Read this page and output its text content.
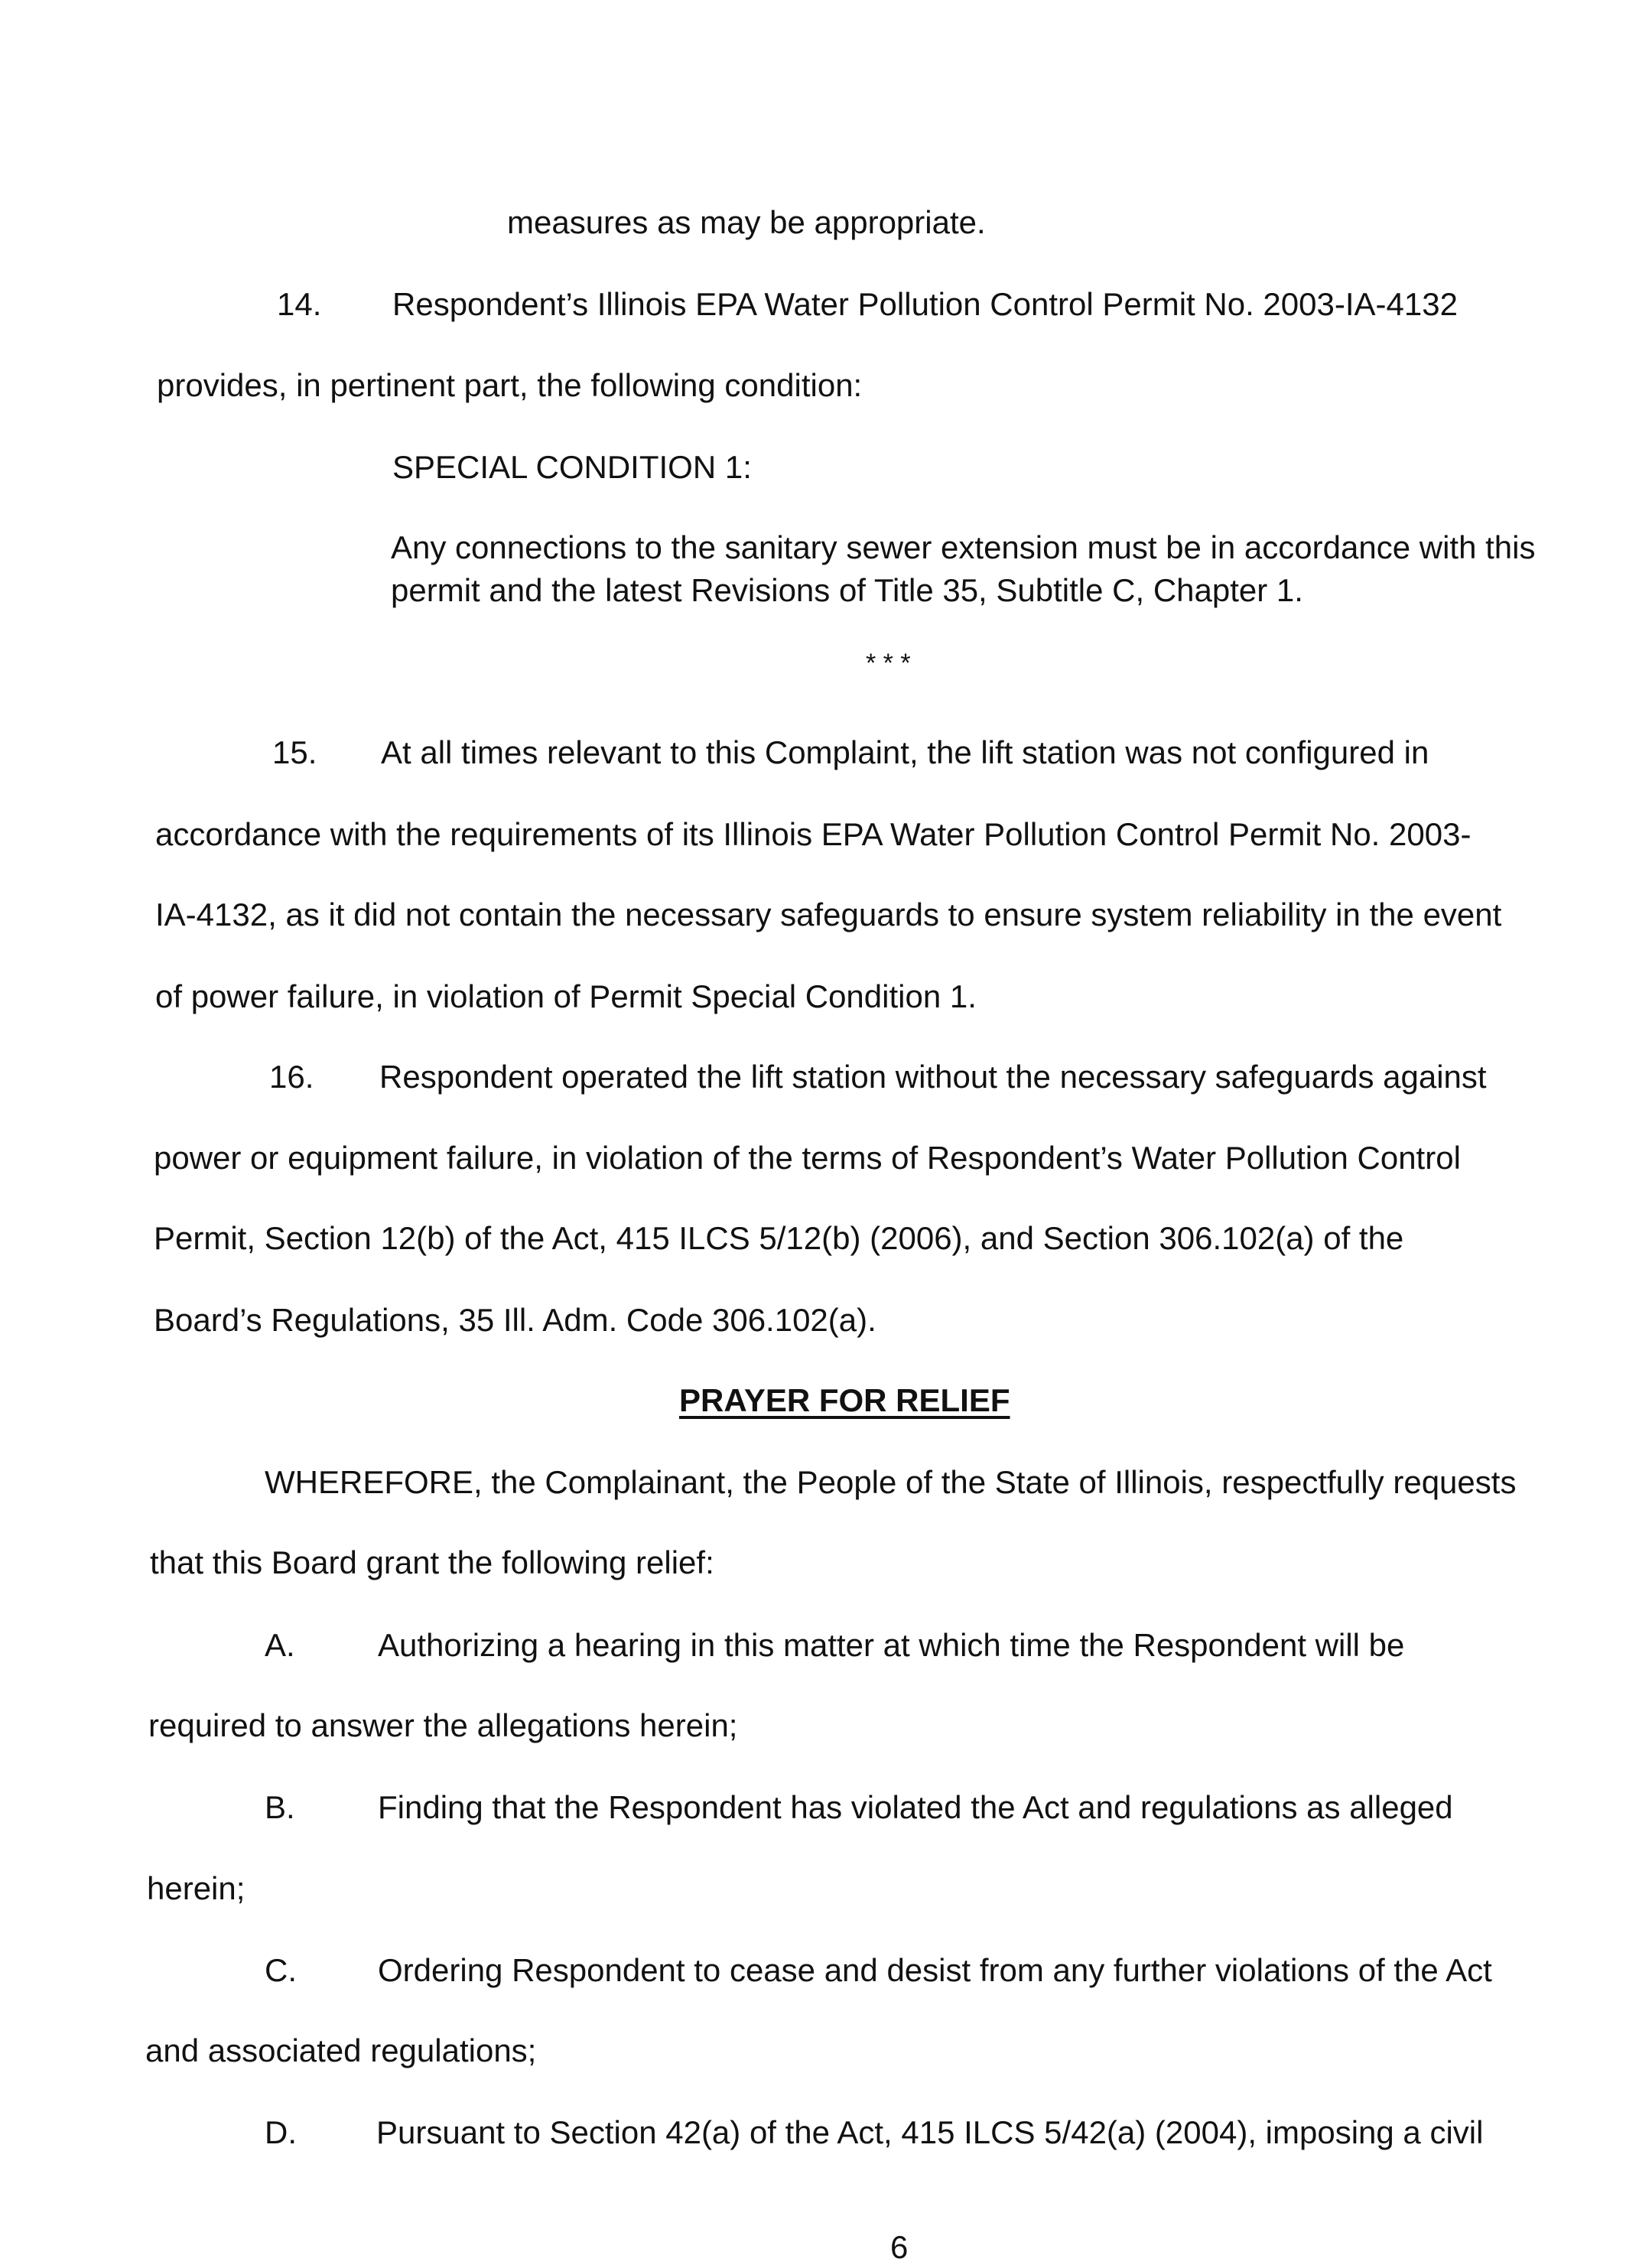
measures as may be appropriate.
14. Respondent’s Illinois EPA Water Pollution Control Permit No. 2003-IA-4132
provides, in pertinent part, the following condition:
SPECIAL CONDITION 1:
Any connections to the sanitary sewer extension must be in accordance with this
permit and the latest Revisions of Title 35, Subtitle C, Chapter 1.
* * *
15. At all times relevant to this Complaint, the lift station was not configured in
accordance with the requirements of its Illinois EPA Water Pollution Control Permit No. 2003-
IA-4132, as it did not contain the necessary safeguards to ensure system reliability in the event
of power failure, in violation of Permit Special Condition 1.
16. Respondent operated the lift station without the necessary safeguards against
power or equipment failure, in violation of the terms of Respondent’s Water Pollution Control
Permit, Section 12(b) of the Act, 415 ILCS 5/12(b) (2006), and Section 306.102(a) of the
Board’s Regulations, 35 Ill. Adm. Code 306.102(a).
PRAYER FOR RELIEF
WHEREFORE, the Complainant, the People of the State of Illinois, respectfully requests
that this Board grant the following relief:
A.	Authorizing a hearing in this matter at which time the Respondent will be
required to answer the allegations herein;
B.	Finding that the Respondent has violated the Act and regulations as alleged
herein;
C.	Ordering Respondent to cease and desist from any further violations of the Act
and associated regulations;
D. Pursuant to Section 42(a) of the Act, 415 ILCS 5/42(a) (2004), imposing a civil
6
